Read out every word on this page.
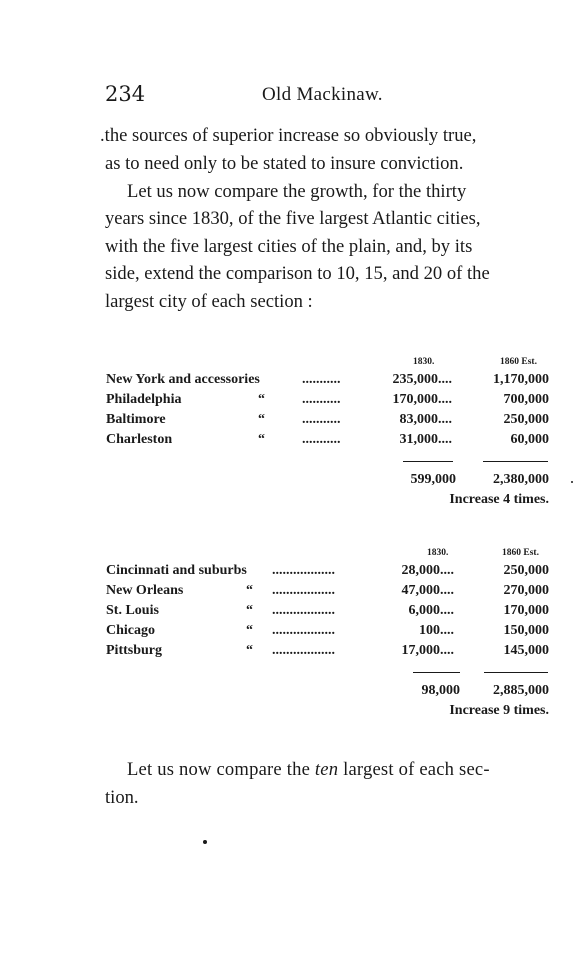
234	Old Mackinaw.
.the sources of superior increase so obviously true,
as to need only to be stated to insure conviction.
Let us now compare the growth, for the thirty
years since 1830, of the five largest Atlantic cities,
with the five largest cities of the plain, and, by its
side, extend the comparison to 10, 15, and 20 of the
largest city of each section :
1830.	1860 Est.
New York and accessories	...........	235,000....	1,170,000
Philadelphia	“	...........	170,000....	700,000
Baltimore	“	...........	83,000....	250,000
Charleston	“	...........	31,000....	60,000
599,000	2,380,000
Increase 4 times.
1830.	1860 Est.
Cincinnati and suburbs ..................	28,000....	250,000
New Orleans	“ ..................	47,000....	270,000
St. Louis	“ ..................	6,000....	170,000
Chicago	“ ..................	100....	150,000
Pittsburg	“ ..................	17,000....	145,000
98,000 2,885,000
Increase 9 times.
Let us now compare the ten largest of each sec-
tion.
